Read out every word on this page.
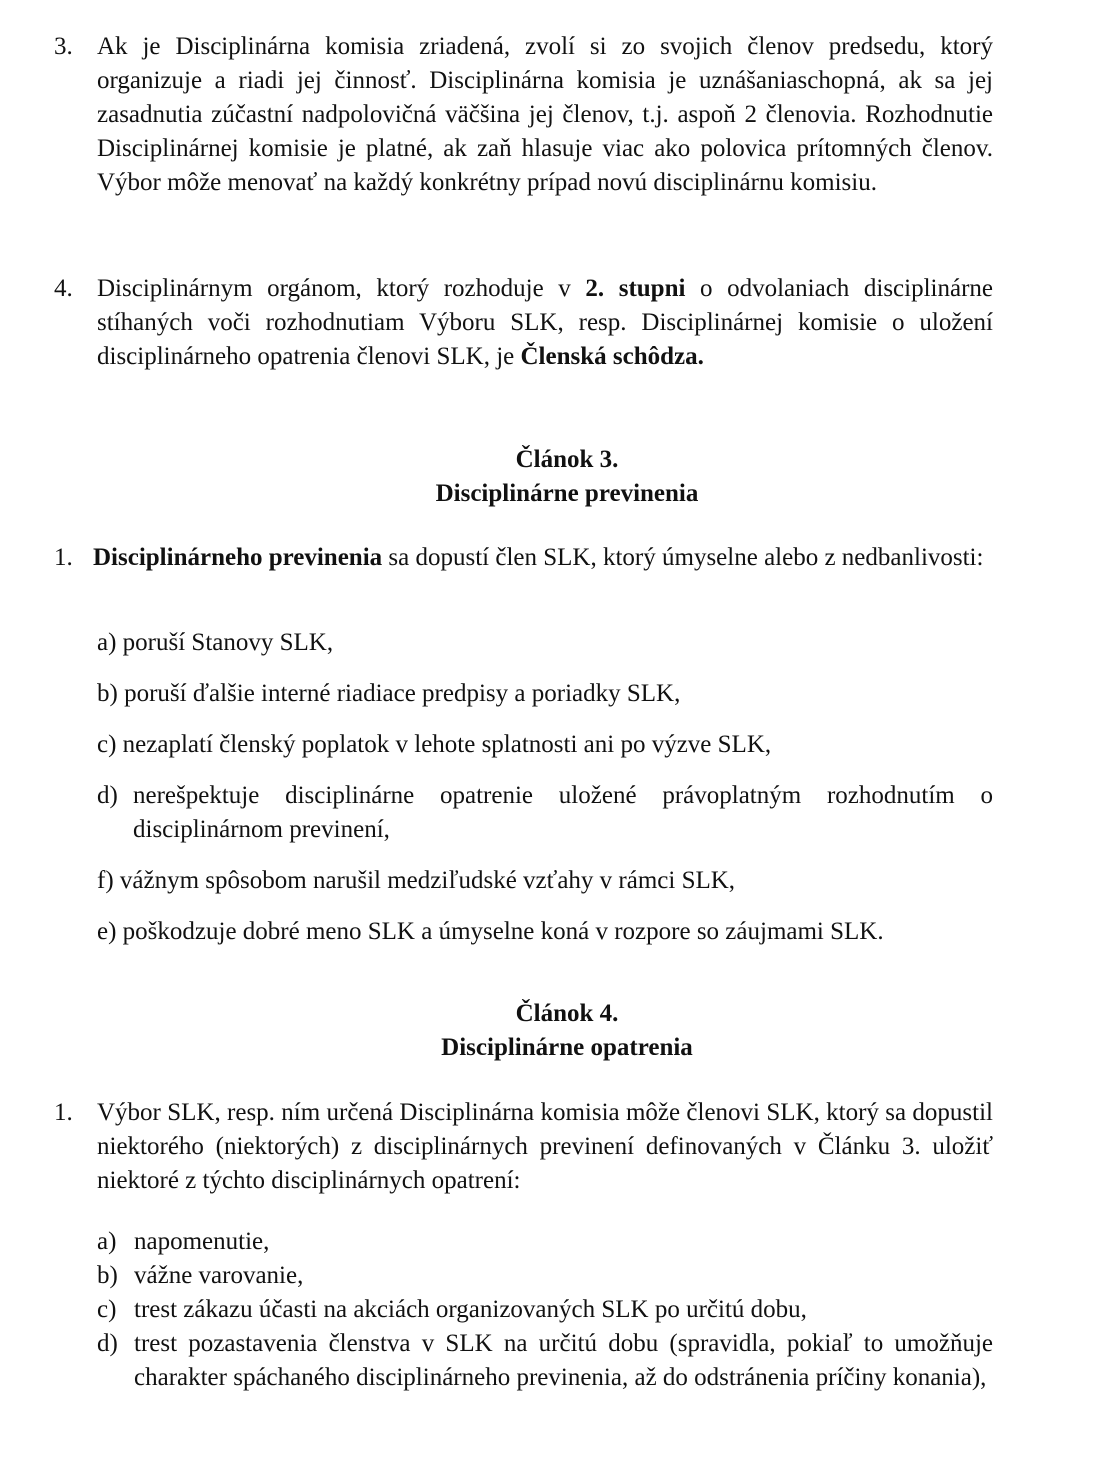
3. Ak je Disciplinárna komisia zriadená, zvolí si zo svojich členov predsedu, ktorý organizuje a riadi jej činnosť. Disciplinárna komisia je uznášaniaschopná, ak sa jej zasadnutia zúčastní nadpolovičná väčšina jej členov, t.j. aspoň 2 členovia. Rozhodnutie Disciplinárnej komisie je platné, ak zaň hlasuje viac ako polovica prítomných členov. Výbor môže menovať na každý konkrétny prípad novú disciplinárnu komisiu.
4. Disciplinárnym orgánom, ktorý rozhoduje v 2. stupni o odvolaniach disciplinárne stíhaných voči rozhodnutiam Výboru SLK, resp. Disciplinárnej komisie o uložení disciplinárneho opatrenia členovi SLK, je Členská schôdza.
Článok 3.
Disciplinárne previnenia
1. Disciplinárneho previnenia sa dopustí člen SLK, ktorý úmyselne alebo z nedbanlivosti:
a) poruší Stanovy SLK,
b) poruší ďalšie interné riadiace predpisy a poriadky SLK,
c) nezaplatí členský poplatok v lehote splatnosti ani po výzve SLK,
d) nerešpektuje disciplinárne opatrenie uložené právoplatným rozhodnutím o disciplinárnom previnení,
f) vážnym spôsobom narušil medziľudské vzťahy v rámci SLK,
e) poškodzuje dobré meno SLK a úmyselne koná v rozpore so záujmami SLK.
Článok 4.
Disciplinárne opatrenia
1. Výbor SLK, resp. ním určená Disciplinárna komisia môže členovi SLK, ktorý sa dopustil niektorého (niektorých) z disciplinárnych previnení definovaných v Článku 3. uložiť niektoré z týchto disciplinárnych opatrení:
a) napomenutie,
b) vážne varovanie,
c) trest zákazu účasti na akciách organizovaných SLK po určitú dobu,
d) trest pozastavenia členstva v SLK na určitú dobu (spravidla, pokiaľ to umožňuje charakter spáchaného disciplinárneho previnenia, až do odstránenia príčiny konania),
